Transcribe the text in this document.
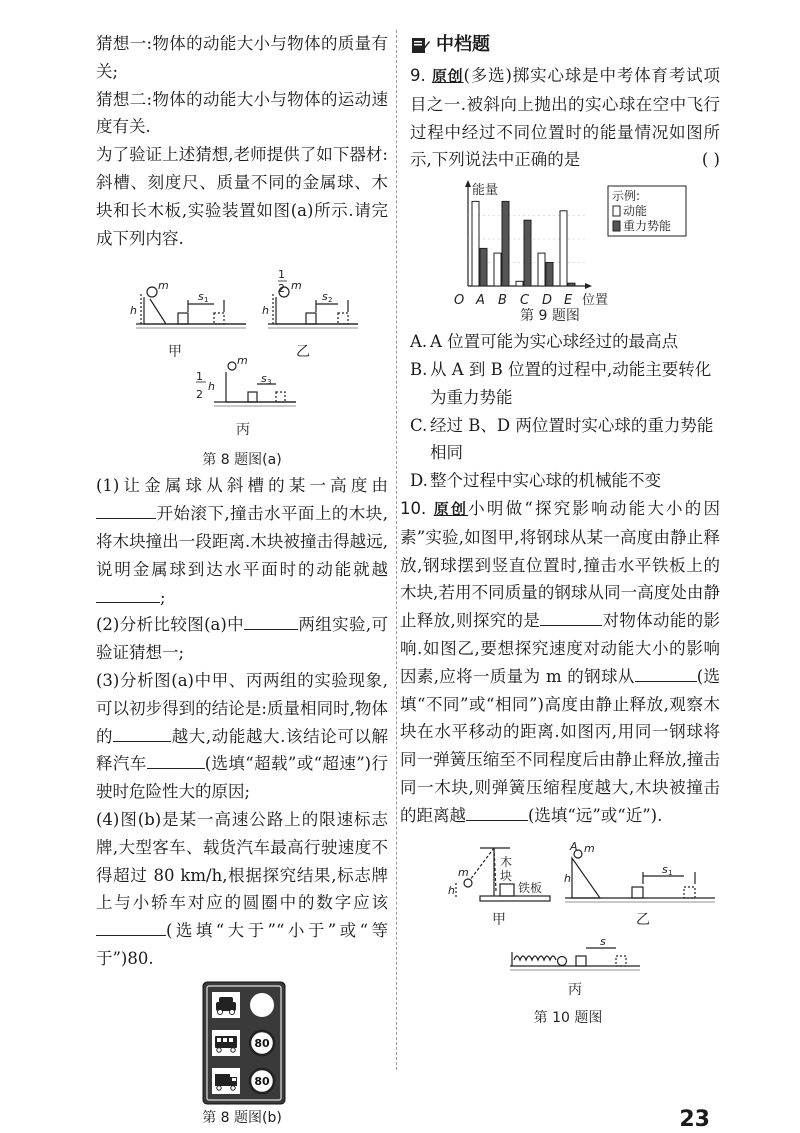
猜想一:物体的动能大小与物体的质量有关;

猜想二:物体的动能大小与物体的运动速度有关.

为了验证上述猜想,老师提供了如下器材:斜槽、刻度尺、质量不同的金属球、木块和长木板,实验装置如图(a)所示.请完成下列内容.

m
h
s 1
甲
1
2 m
h
s 2
乙
1
2
h
m
s 3
丙
第 8 题图(a)

(1)让金属球从斜槽的某一高度由开始滚下,撞击水平面上的木块,将木块撞出一段距离.木块被撞击得越远,说明金属球到达水平面时的动能就越;

(2)分析比较图(a)中	两组实验,可验证猜想一;

(3)分析图(a)中甲、丙两组的实验现象,可以初步得到的结论是:质量相同时,物体的	越大,动能越大.该结论可以解释汽车	(选填“超载”或“超速”)行驶时危险性大的原因;

(4)图(b)是某一高速公路上的限速标志牌,大型客车、载货汽车最高行驶速度不得超过 80 km/h,根据探究结果,标志牌上与小轿车对应的圆圈中的数字应该(选填“大于”“小于”或“等于”)80.

80
80
第 8 题图(b)
中档题

9. 原创(多选)掷实心球是中考体育考试项目之一.被斜向上抛出的实心球在空中飞行过程中经过不同位置时的能量情况如图所示,下列说法中正确的是	( )

A B C D E
能量
O	位置
示例:
动能
重力势能
第 9 题图

A. A 位置可能为实心球经过的最高点

B. 从 A 到 B 位置的过程中,动能主要转化为重力势能

C. 经过 B、D 两位置时实心球的重力势能相同

D. 整个过程中实心球的机械能不变

10. 原创小明做“探究影响动能大小的因素”实验,如图甲,将钢球从某一高度由静止释放,钢球摆到竖直位置时,撞击水平铁板上的木块,若用不同质量的钢球从同一高度处由静止释放,则探究的是	对物体动能的影响.如图乙,要想探究速度对动能大小的影响因素,应将一质量为 m 的钢球从	(选填“不同”或“相同”)高度由静止释放,观察木块在水平移动的距离.如图丙,用同一钢球将同一弹簧压缩至不同程度后由静止释放,撞击同一木块,则弹簧压缩程度越大,木块被撞击的距离越	(选填“远”或“近”).

m
h
木
块
铁板
甲
A m
h
s 1
乙
s
丙
第 10 题图
23
